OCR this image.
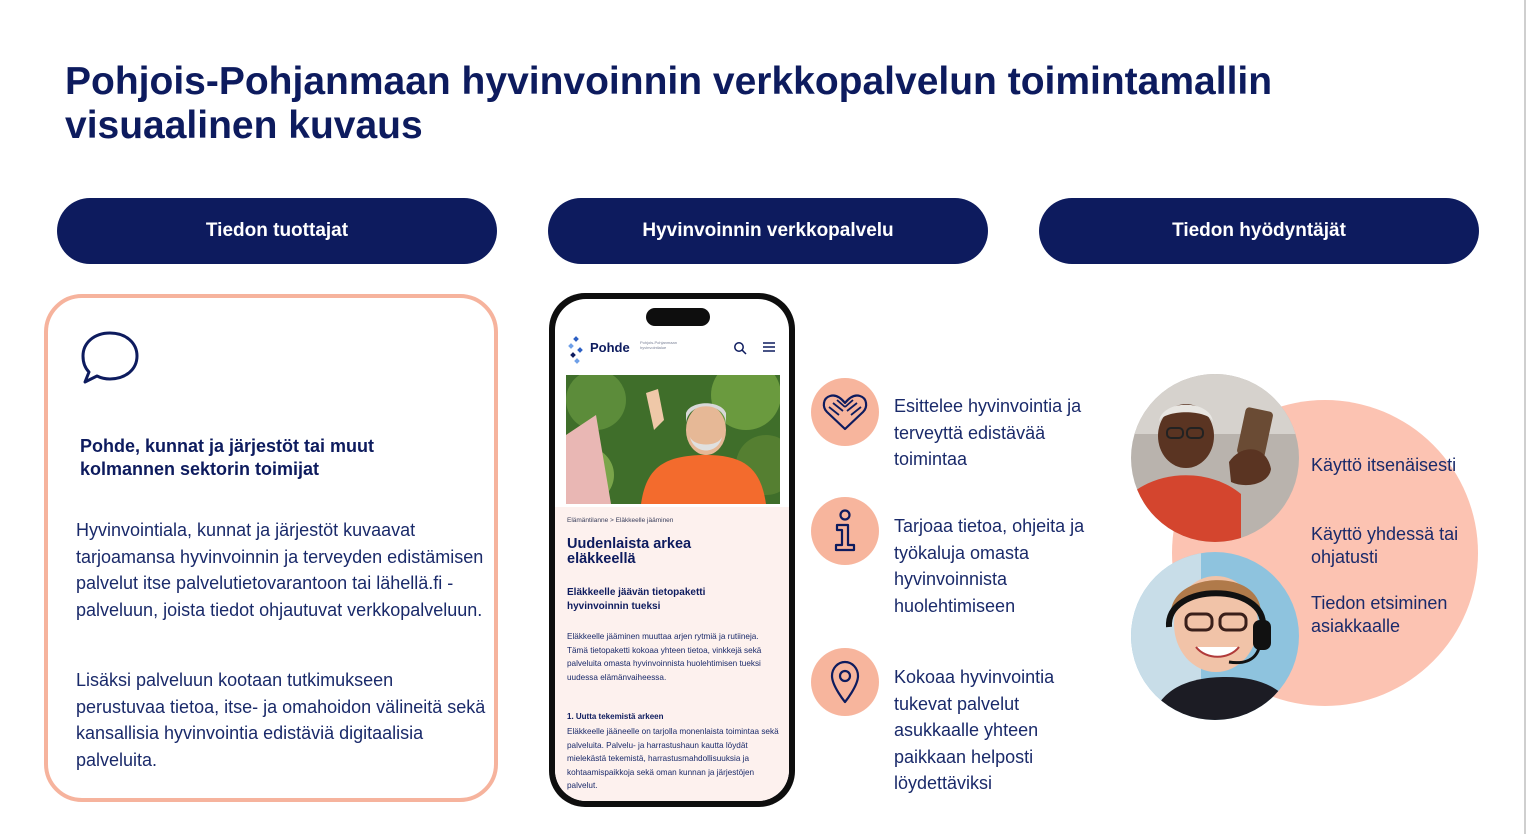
Pohjois-Pohjanmaan hyvinvoinnin verkkopalvelun toimintamallin visuaalinen kuvaus
Tiedon tuottajat	Hyvinvoinnin verkkopalvelu	Tiedon hyödyntäjät
Pohde, kunnat ja järjestöt tai muut kolmannen sektorin toimijat
Hyvinvointiala, kunnat ja järjestöt kuvaavat tarjoamansa hyvinvoinnin ja terveyden edistämisen palvelut itse palvelutietovarantoon tai lähellä.fi -palveluun, joista tiedot ohjautuvat verkkopalveluun.
Lisäksi palveluun kootaan tutkimukseen perustuvaa tietoa, itse- ja omahoidon välineitä sekä kansallisia hyvinvointia edistäviä digitaalisia palveluita.
Pohde	Pohjois-Pohjanmaan hyvinvointialue
Elämäntilanne > Eläkkeelle jääminen
Uudenlaista arkea eläkkeellä
Eläkkeelle jäävän tietopaketti hyvinvoinnin tueksi
Eläkkeelle jääminen muuttaa arjen rytmiä ja rutiineja. Tämä tietopaketti kokoaa yhteen tietoa, vinkkejä sekä palveluita omasta hyvinvoinnista huolehtimisen tueksi uudessa elämänvaiheessa.
1. Uutta tekemistä arkeen
Eläkkeelle jääneelle on tarjolla monenlaista toimintaa sekä palveluita. Palvelu- ja harrastushaun kautta löydät mielekästä tekemistä, harrastusmahdollisuuksia ja kohtaamispaikkoja sekä oman kunnan ja järjestöjen palvelut.
Esittelee hyvinvointia ja terveyttä edistävää toimintaa
Tarjoaa tietoa, ohjeita ja työkaluja omasta hyvinvoinnista huolehtimiseen
Kokoaa hyvinvointia tukevat palvelut asukkaalle yhteen paikkaan helposti löydettäviksi
Käyttö itsenäisesti
Käyttö yhdessä tai ohjatusti
Tiedon etsiminen asiakkaalle
